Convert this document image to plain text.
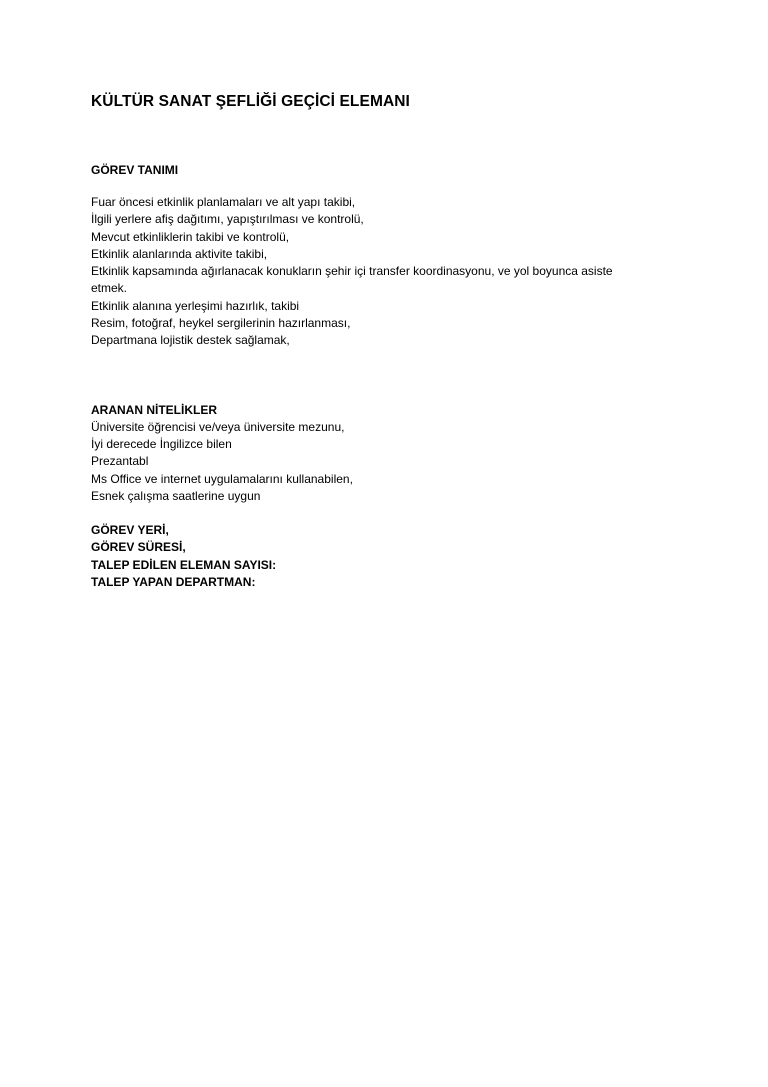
KÜLTÜR SANAT ŞEFLİĞİ GEÇİCİ ELEMANI
GÖREV TANIMI

Fuar öncesi etkinlik planlamaları ve alt yapı takibi,

İlgili yerlere afiş dağıtımı, yapıştırılması ve kontrolü,

Mevcut etkinliklerin takibi ve kontrolü,

Etkinlik alanlarında aktivite takibi,

Etkinlik kapsamında ağırlanacak konukların şehir içi transfer koordinasyonu, ve yol boyunca asiste

etmek.

Etkinlik alanına yerleşimi hazırlık, takibi

Resim, fotoğraf, heykel sergilerinin hazırlanması,

Departmana lojistik destek sağlamak,

ARANAN NİTELİKLER

Üniversite öğrencisi ve/veya üniversite mezunu,

İyi derecede İngilizce bilen

Prezantabl

Ms Office ve internet uygulamalarını kullanabilen,

Esnek çalışma saatlerine uygun

GÖREV YERİ,

GÖREV SÜRESİ,

TALEP EDİLEN ELEMAN SAYISI:

TALEP YAPAN DEPARTMAN:
